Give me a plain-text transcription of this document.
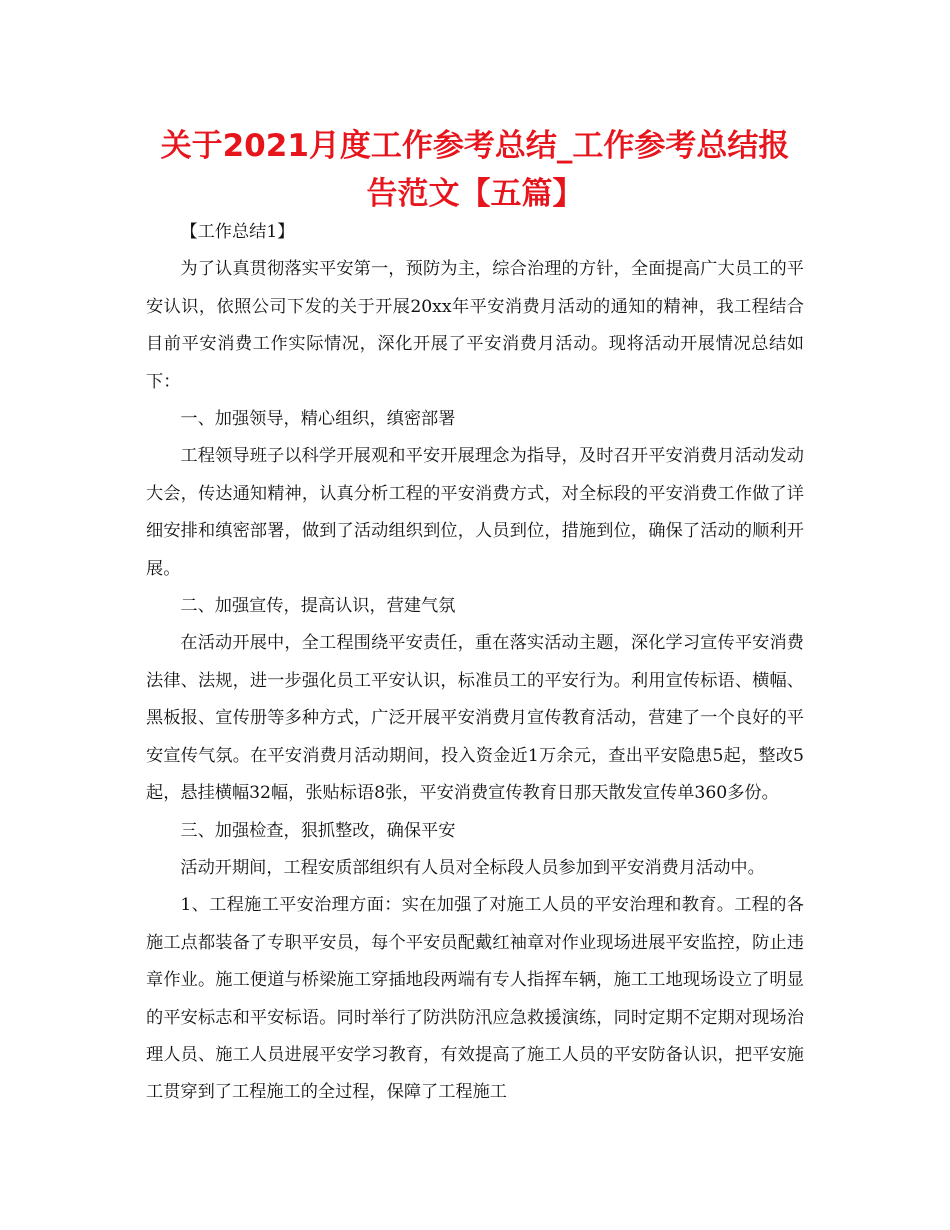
关于2021月度工作参考总结_工作参考总结报
告范文【五篇】

【工作总结1】

为了认真贯彻落实平安第一，预防为主，综合治理的方针，全面提高广大员工的平安认识，依照公司下发的关于开展20xx年平安消费月活动的通知的精神，我工程结合目前平安消费工作实际情况，深化开展了平安消费月活动。现将活动开展情况总结如下：

一、加强领导，精心组织，缜密部署

工程领导班子以科学开展观和平安开展理念为指导，及时召开平安消费月活动发动大会，传达通知精神，认真分析工程的平安消费方式，对全标段的平安消费工作做了详细安排和缜密部署，做到了活动组织到位，人员到位，措施到位，确保了活动的顺利开展。

二、加强宣传，提高认识，营建气氛

在活动开展中，全工程围绕平安责任，重在落实活动主题，深化学习宣传平安消费法律、法规，进一步强化员工平安认识，标准员工的平安行为。利用宣传标语、横幅、黑板报、宣传册等多种方式，广泛开展平安消费月宣传教育活动，营建了一个良好的平安宣传气氛。在平安消费月活动期间，投入资金近1万余元，查出平安隐患5起，整改5起，悬挂横幅32幅，张贴标语8张，平安消费宣传教育日那天散发宣传单360多份。

三、加强检查，狠抓整改，确保平安

活动开期间，工程安质部组织有人员对全标段人员参加到平安消费月活动中。

1、工程施工平安治理方面：实在加强了对施工人员的平安治理和教育。工程的各施工点都装备了专职平安员，每个平安员配戴红袖章对作业现场进展平安监控，防止违章作业。施工便道与桥梁施工穿插地段两端有专人指挥车辆，施工工地现场设立了明显的平安标志和平安标语。同时举行了防洪防汛应急救援演练，同时定期不定期对现场治理人员、施工人员进展平安学习教育，有效提高了施工人员的平安防备认识，把平安施工贯穿到了工程施工的全过程，保障了工程施工
